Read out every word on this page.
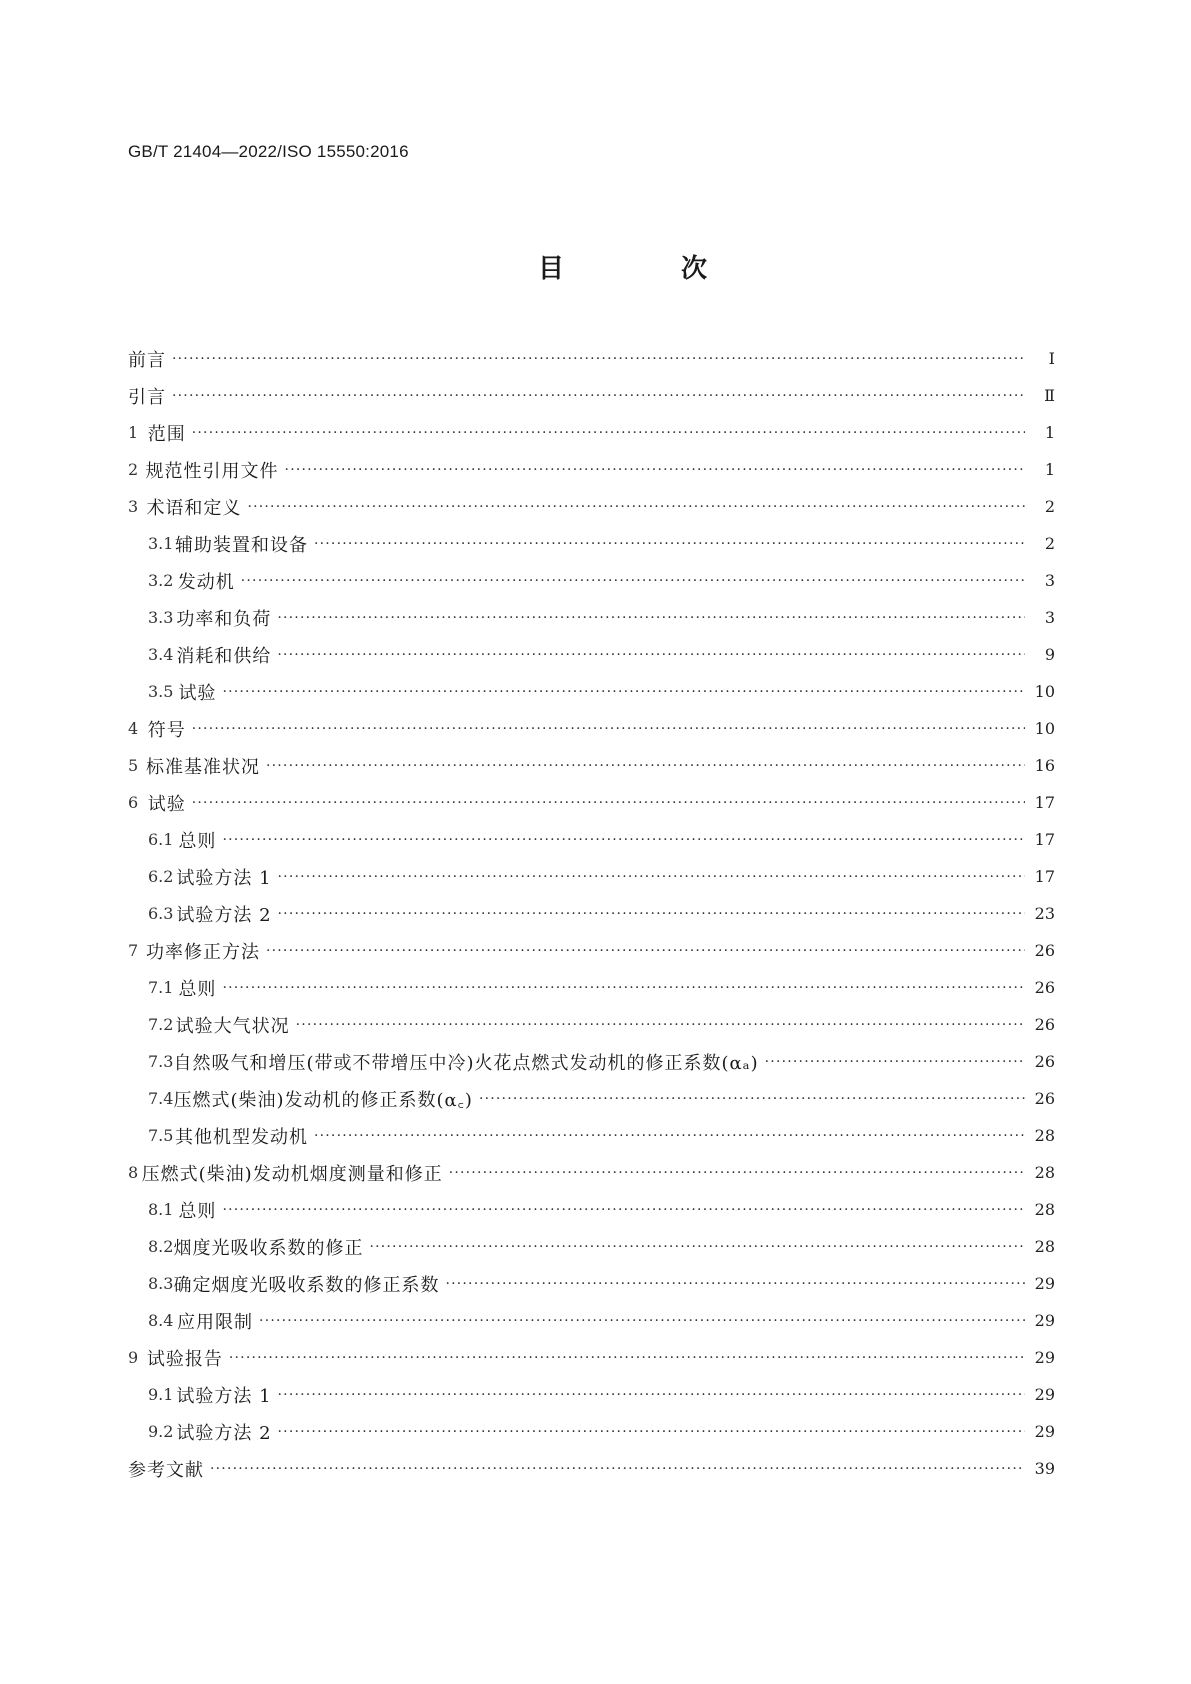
GB/T 21404—2022/ISO 15550:2016
目 次
前言 ·····	Ⅰ
引言 ·····	Ⅱ
1 范围 ·····	1
2 规范性引用文件 ·····	1
3 术语和定义 ·····	2
3.1 辅助装置和设备 ·····	2
3.2 发动机 ·····	3
3.3 功率和负荷 ·····	3
3.4 消耗和供给 ·····	9
3.5 试验 ·····	10
4 符号 ·····	10
5 标准基准状况 ·····	16
6 试验 ·····	17
6.1 总则 ·····	17
6.2 试验方法 1 ·····	17
6.3 试验方法 2 ·····	23
7 功率修正方法 ·····	26
7.1 总则 ·····	26
7.2 试验大气状况 ·····	26
7.3 自然吸气和增压(带或不带增压中冷)火花点燃式发动机的修正系数(αₐ) ·····	26
7.4 压燃式(柴油)发动机的修正系数(α꜀) ·····	26
7.5 其他机型发动机 ·····	28
8 压燃式(柴油)发动机烟度测量和修正 ·····	28
8.1 总则 ·····	28
8.2 烟度光吸收系数的修正 ·····	28
8.3 确定烟度光吸收系数的修正系数 ·····	29
8.4 应用限制 ·····	29
9 试验报告 ·····	29
9.1 试验方法 1 ·····	29
9.2 试验方法 2 ·····	29
参考文献 ·····	39
